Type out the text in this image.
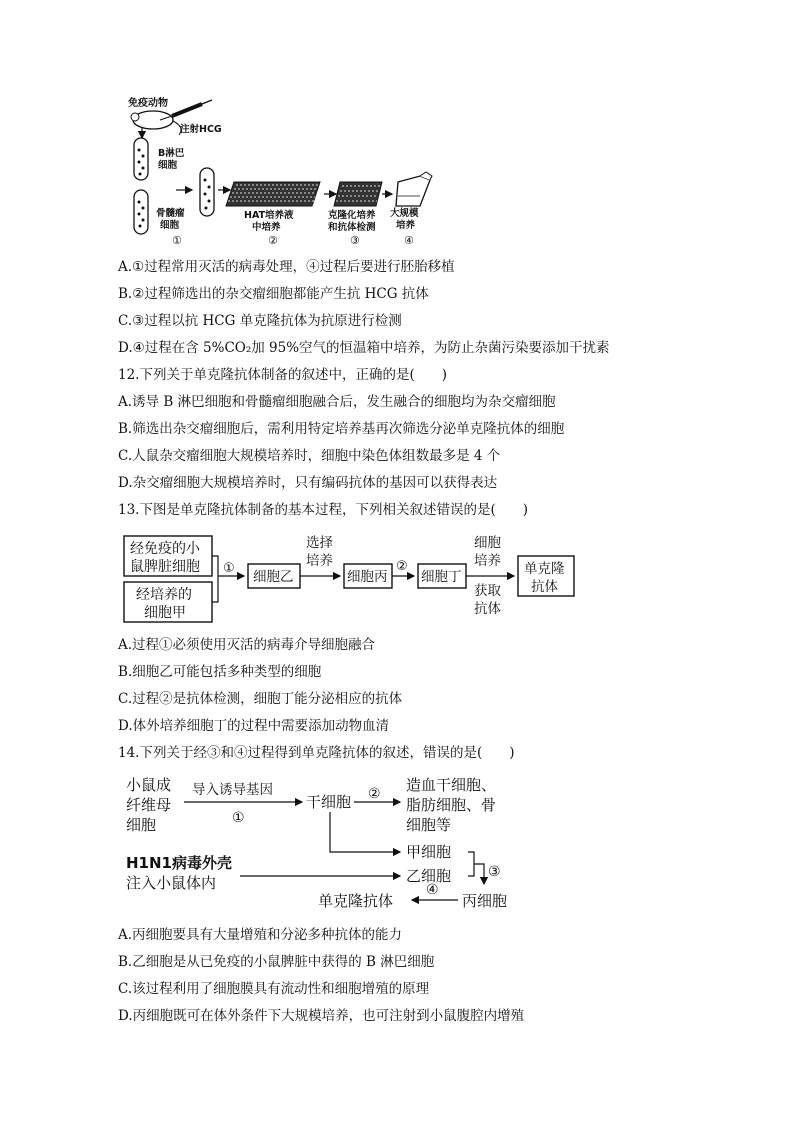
免疫动物
注射HCG
B淋巴
细胞
骨髓瘤
细胞
HAT培养液
中培养
克隆化培养
和抗体检测
大规模
培养
①	②	③	④
A.①过程常用灭活的病毒处理，④过程后要进行胚胎移植
B.②过程筛选出的杂交瘤细胞都能产生抗 HCG 抗体
C.③过程以抗 HCG 单克隆抗体为抗原进行检测
D.④过程在含 5%CO₂加 95%空气的恒温箱中培养，为防止杂菌污染要添加干扰素
12.下列关于单克隆抗体制备的叙述中，正确的是(　　)
A.诱导 B 淋巴细胞和骨髓瘤细胞融合后，发生融合的细胞均为杂交瘤细胞
B.筛选出杂交瘤细胞后，需利用特定培养基再次筛选分泌单克隆抗体的细胞
C.人鼠杂交瘤细胞大规模培养时，细胞中染色体组数最多是 4 个
D.杂交瘤细胞大规模培养时，只有编码抗体的基因可以获得表达
13.下图是单克隆抗体制备的基本过程，下列相关叙述错误的是(　　)
经免疫的小
鼠脾脏细胞
经培养的
细胞甲
①
细胞乙
选择
培养
细胞丙
②
细胞丁
细胞
培养
获取
抗体
单克隆
抗体
A.过程①必须使用灭活的病毒介导细胞融合
B.细胞乙可能包括多种类型的细胞
C.过程②是抗体检测，细胞丁能分泌相应的抗体
D.体外培养细胞丁的过程中需要添加动物血清
14.下列关于经③和④过程得到单克隆抗体的叙述，错误的是(　　)
小鼠成
纤维母
细胞
导入诱导基因
①
干细胞 ② 造血干细胞、
脂肪细胞、骨
细胞等
甲细胞
H1N1病毒外壳
注入小鼠体内	乙细胞	③
丙细胞
④
单克隆抗体
A.丙细胞要具有大量增殖和分泌多种抗体的能力
B.乙细胞是从已免疫的小鼠脾脏中获得的 B 淋巴细胞
C.该过程利用了细胞膜具有流动性和细胞增殖的原理
D.丙细胞既可在体外条件下大规模培养，也可注射到小鼠腹腔内增殖
